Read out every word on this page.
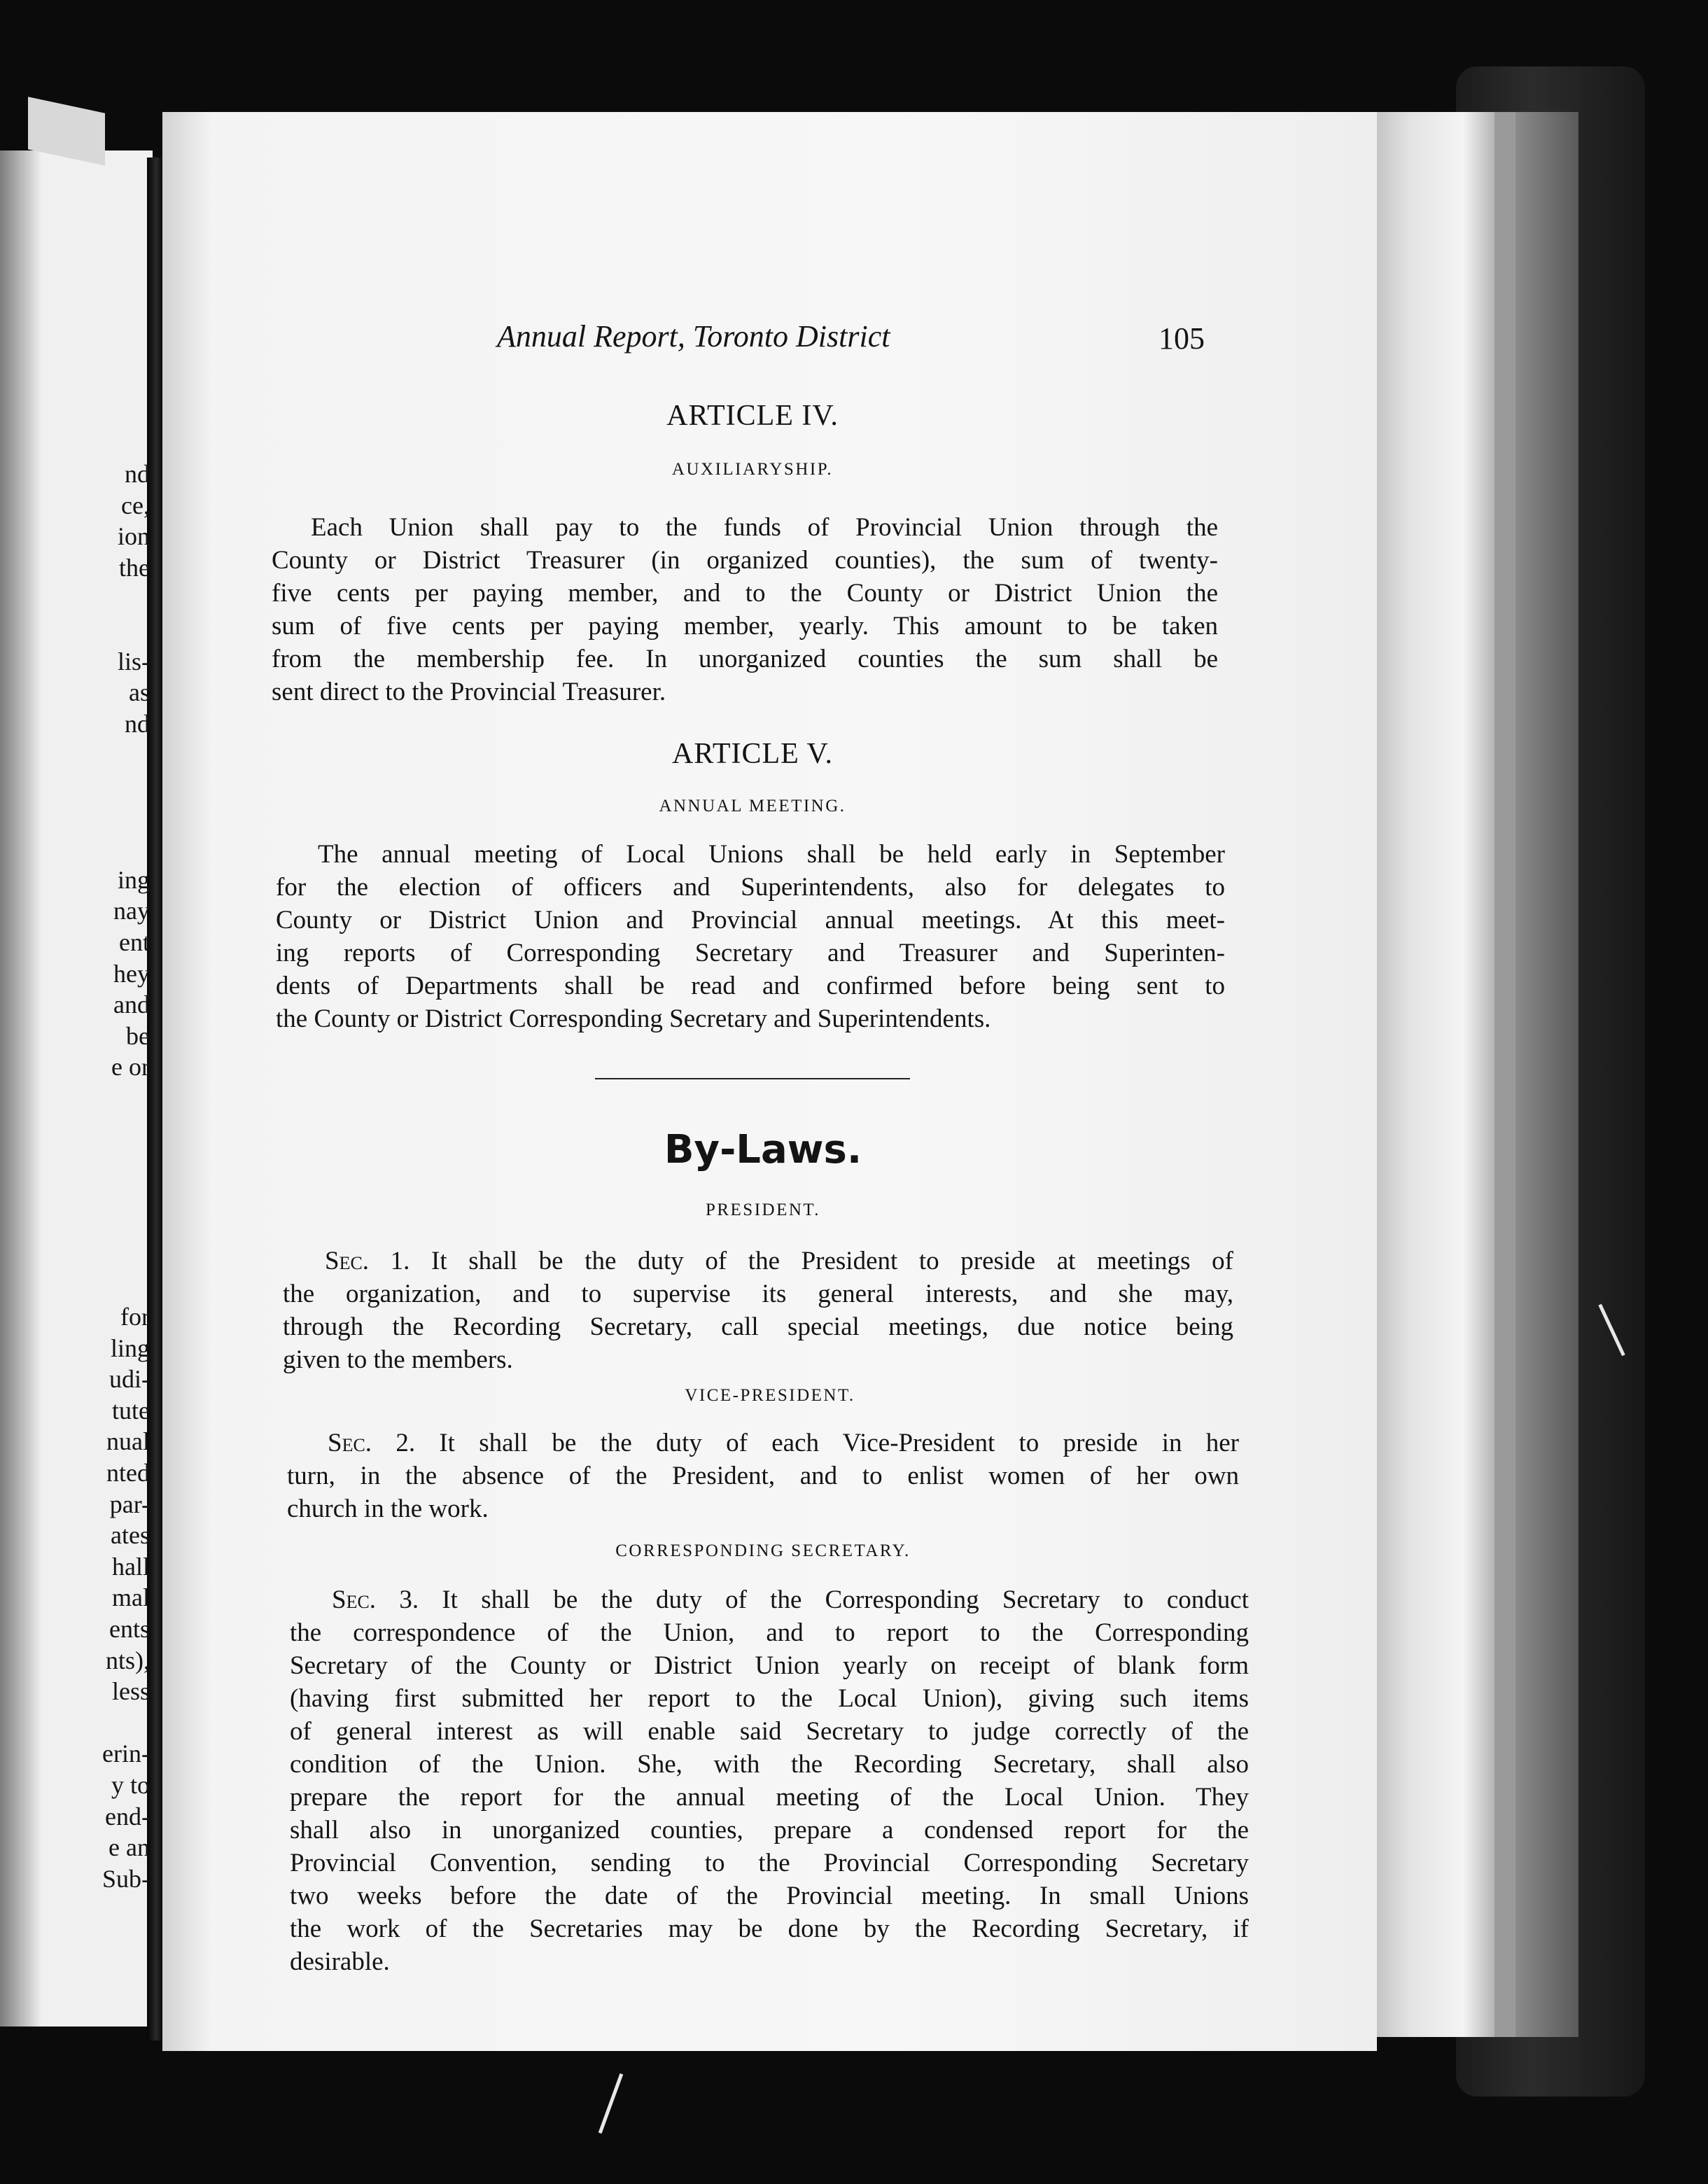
nd
ce,
ion
the
lis-
as
nd
ing
nay
ent
hey
and
be
e or
for
ling
udi-
tute
nual
nted
par-
ates
hall
mal
ents
nts),
less
erin-
y to
end-
e an
Sub-
Annual Report, Toronto District	105
ARTICLE IV.
AUXILIARYSHIP.
Each Union shall pay to the funds of Provincial Union through the
County or District Treasurer (in organized counties), the sum of twenty-
five cents per paying member, and to the County or District Union the
sum of five cents per paying member, yearly. This amount to be taken
from the membership fee. In unorganized counties the sum shall be
sent direct to the Provincial Treasurer.
ARTICLE V.
ANNUAL MEETING.
The annual meeting of Local Unions shall be held early in September
for the election of officers and Superintendents, also for delegates to
County or District Union and Provincial annual meetings. At this meet-
ing reports of Corresponding Secretary and Treasurer and Superinten-
dents of Departments shall be read and confirmed before being sent to
the County or District Corresponding Secretary and Superintendents.
By-Laws.
PRESIDENT.
Sec. 1. It shall be the duty of the President to preside at meetings of
the organization, and to supervise its general interests, and she may,
through the Recording Secretary, call special meetings, due notice being
given to the members.
VICE-PRESIDENT.
Sec. 2. It shall be the duty of each Vice-President to preside in her
turn, in the absence of the President, and to enlist women of her own
church in the work.
CORRESPONDING SECRETARY.
Sec. 3. It shall be the duty of the Corresponding Secretary to conduct
the correspondence of the Union, and to report to the Corresponding
Secretary of the County or District Union yearly on receipt of blank form
(having first submitted her report to the Local Union), giving such items
of general interest as will enable said Secretary to judge correctly of the
condition of the Union. She, with the Recording Secretary, shall also
prepare the report for the annual meeting of the Local Union. They
shall also in unorganized counties, prepare a condensed report for the
Provincial Convention, sending to the Provincial Corresponding Secretary
two weeks before the date of the Provincial meeting. In small Unions
the work of the Secretaries may be done by the Recording Secretary, if
desirable.
